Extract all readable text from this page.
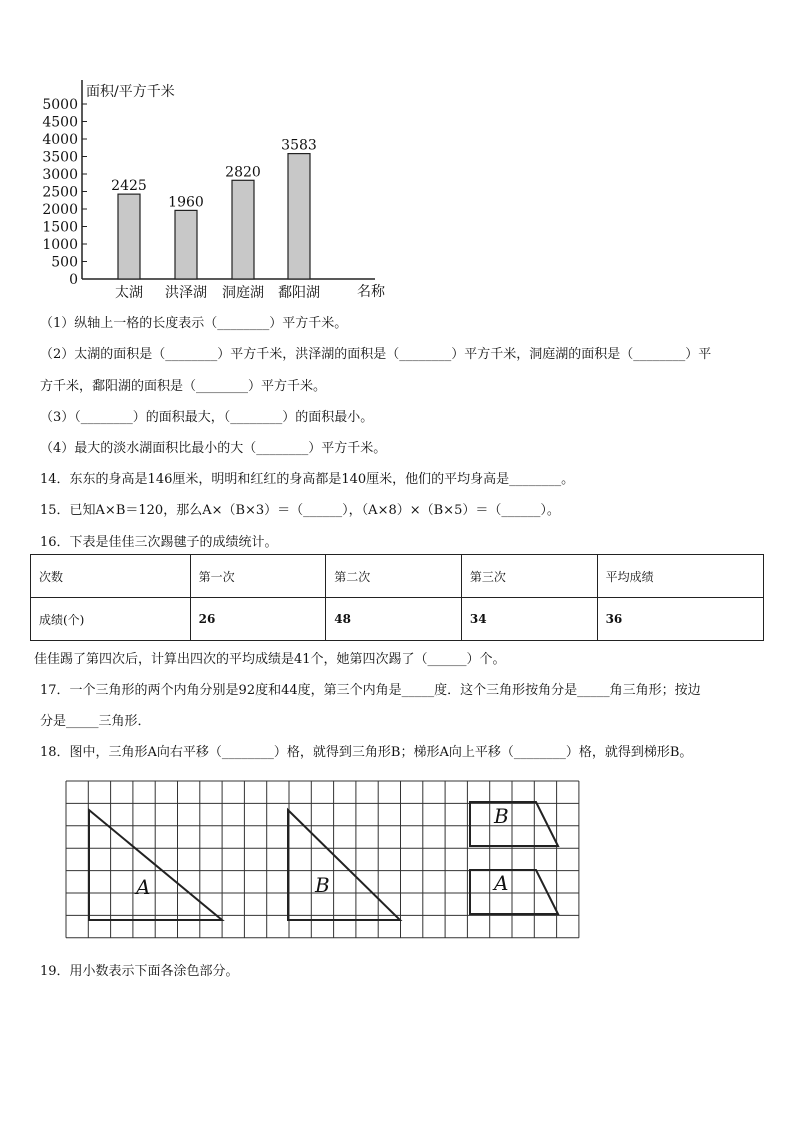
面积/平方千米
名称
0
500
1000
1500
2000
2500
3000
3500
4000
4500
5000
2425
太湖
1960
洪泽湖
2820
洞庭湖
3583
鄱阳湖
（1）纵轴上一格的长度表示（________）平方千米。
（2）太湖的面积是（________）平方千米，洪泽湖的面积是（________）平方千米，洞庭湖的面积是（________）平
方千米，鄱阳湖的面积是（________）平方千米。
（3）（________）的面积最大，（________）的面积最小。
（4）最大的淡水湖面积比最小的大（________）平方千米。
14．东东的身高是146厘米，明明和红红的身高都是140厘米，他们的平均身高是________。
15．已知A×B＝120，那么A×（B×3）＝（______），（A×8）×（B×5）＝（______）。
16．下表是佳佳三次踢毽子的成绩统计。
次数	第一次	第二次	第三次	平均成绩
成绩(个)	26	48	34	36
佳佳踢了第四次后，计算出四次的平均成绩是41个，她第四次踢了（______）个。
17．一个三角形的两个内角分别是92度和44度，第三个内角是_____度．这个三角形按角分是_____角三角形；按边
分是_____三角形．
18．图中，三角形A向右平移（________）格，就得到三角形B；梯形A向上平移（________）格，就得到梯形B。
A	B
B
A
19．用小数表示下面各涂色部分。
